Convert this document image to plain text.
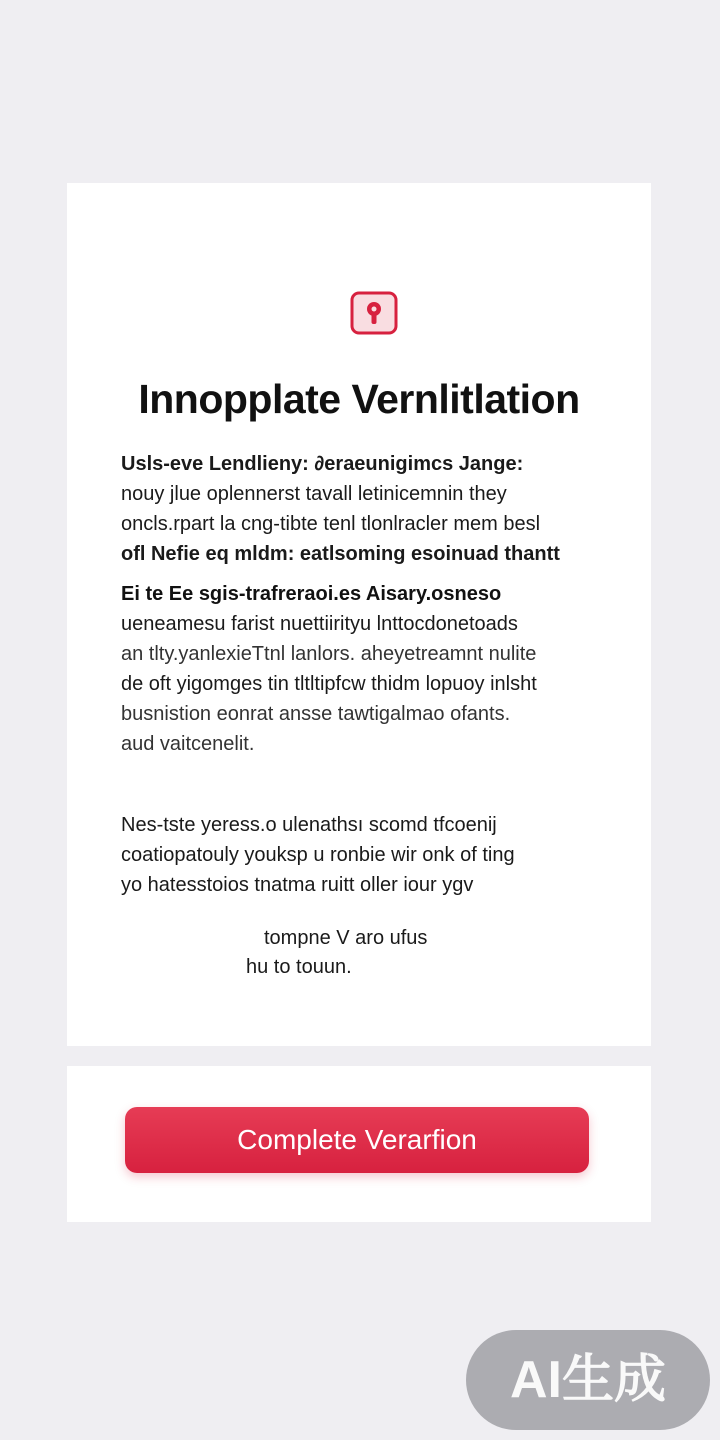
Innopplate Vernlitlation

Usls-eve Lendlieny: ∂eraeunigimcs Jange:
nouy jlue oplennerst tavall letinicemnin they
oncls.rpart la cng-tibte tenl tlonlracler mem besl
ofl Nefie eq mldm: eatlsoming esoinuad thantt

Ei te Ee sgis-trafreraoi.es Aisary.osneso
ueneamesu farist nuettiirityu lnttocdonetoads
an tlty.yanlexieTtnl lanlors. aheyetreamnt nulite
de oft yigomges tin tltltipfcw thidm lopuoy inlsht
busnistion eonrat ansse tawtigalmao ofants.
aud vaitcenelit.

Nes-tste yeress.o ulenathsı scomd tfcoenij
coatiopatouly youksp u ronbie wir onk of ting
yo hatesstoios tnatma ruitt oller iour ygv

tompne V aro ufus
hu to touun.
Complete Verarfion
AI生成
